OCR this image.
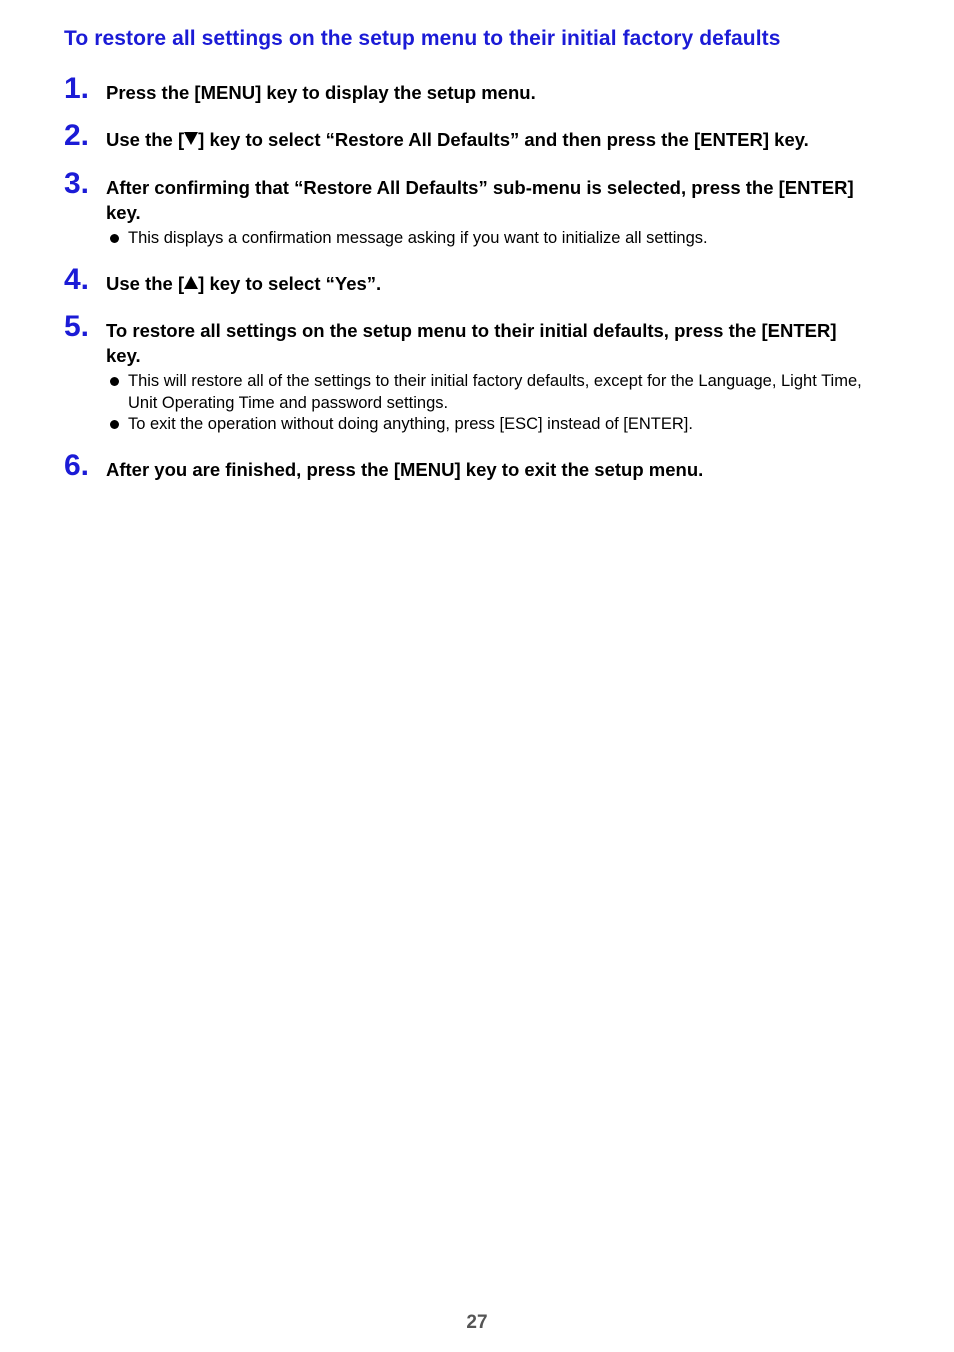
To restore all settings on the setup menu to their initial factory defaults
1. Press the [MENU] key to display the setup menu.
2. Use the [ ] key to select “Restore All Defaults” and then press the [ENTER] key.
3. After confirming that “Restore All Defaults” sub-menu is selected, press the [ENTER] key.
This displays a confirmation message asking if you want to initialize all settings.
4. Use the [ ] key to select “Yes”.
5. To restore all settings on the setup menu to their initial defaults, press the [ENTER] key.
This will restore all of the settings to their initial factory defaults, except for the Language, Light Time, Unit Operating Time and password settings.
To exit the operation without doing anything, press [ESC] instead of [ENTER].
6. After you are finished, press the [MENU] key to exit the setup menu.
27
